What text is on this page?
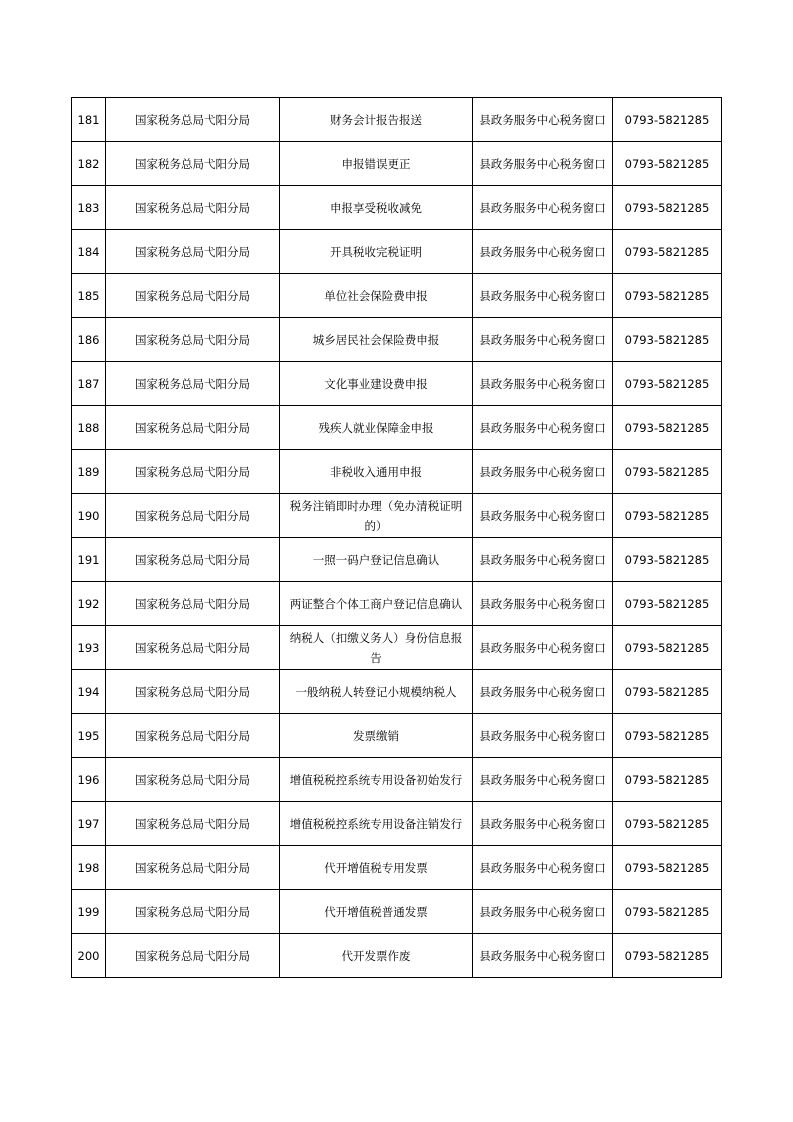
181	国家税务总局弋阳分局	财务会计报告报送	县政务服务中心税务窗口	0793-5821285
182	国家税务总局弋阳分局	申报错误更正	县政务服务中心税务窗口	0793-5821285
183	国家税务总局弋阳分局	申报享受税收减免	县政务服务中心税务窗口	0793-5821285
184	国家税务总局弋阳分局	开具税收完税证明	县政务服务中心税务窗口	0793-5821285
185	国家税务总局弋阳分局	单位社会保险费申报	县政务服务中心税务窗口	0793-5821285
186	国家税务总局弋阳分局	城乡居民社会保险费申报	县政务服务中心税务窗口	0793-5821285
187	国家税务总局弋阳分局	文化事业建设费申报	县政务服务中心税务窗口	0793-5821285
188	国家税务总局弋阳分局	残疾人就业保障金申报	县政务服务中心税务窗口	0793-5821285
189	国家税务总局弋阳分局	非税收入通用申报	县政务服务中心税务窗口	0793-5821285
190	国家税务总局弋阳分局	税务注销即时办理（免办清税证明的）	县政务服务中心税务窗口	0793-5821285
191	国家税务总局弋阳分局	一照一码户登记信息确认	县政务服务中心税务窗口	0793-5821285
192	国家税务总局弋阳分局	两证整合个体工商户登记信息确认	县政务服务中心税务窗口	0793-5821285
193	国家税务总局弋阳分局	纳税人（扣缴义务人）身份信息报告	县政务服务中心税务窗口	0793-5821285
194	国家税务总局弋阳分局	一般纳税人转登记小规模纳税人	县政务服务中心税务窗口	0793-5821285
195	国家税务总局弋阳分局	发票缴销	县政务服务中心税务窗口	0793-5821285
196	国家税务总局弋阳分局	增值税税控系统专用设备初始发行	县政务服务中心税务窗口	0793-5821285
197	国家税务总局弋阳分局	增值税税控系统专用设备注销发行	县政务服务中心税务窗口	0793-5821285
198	国家税务总局弋阳分局	代开增值税专用发票	县政务服务中心税务窗口	0793-5821285
199	国家税务总局弋阳分局	代开增值税普通发票	县政务服务中心税务窗口	0793-5821285
200	国家税务总局弋阳分局	代开发票作废	县政务服务中心税务窗口	0793-5821285
